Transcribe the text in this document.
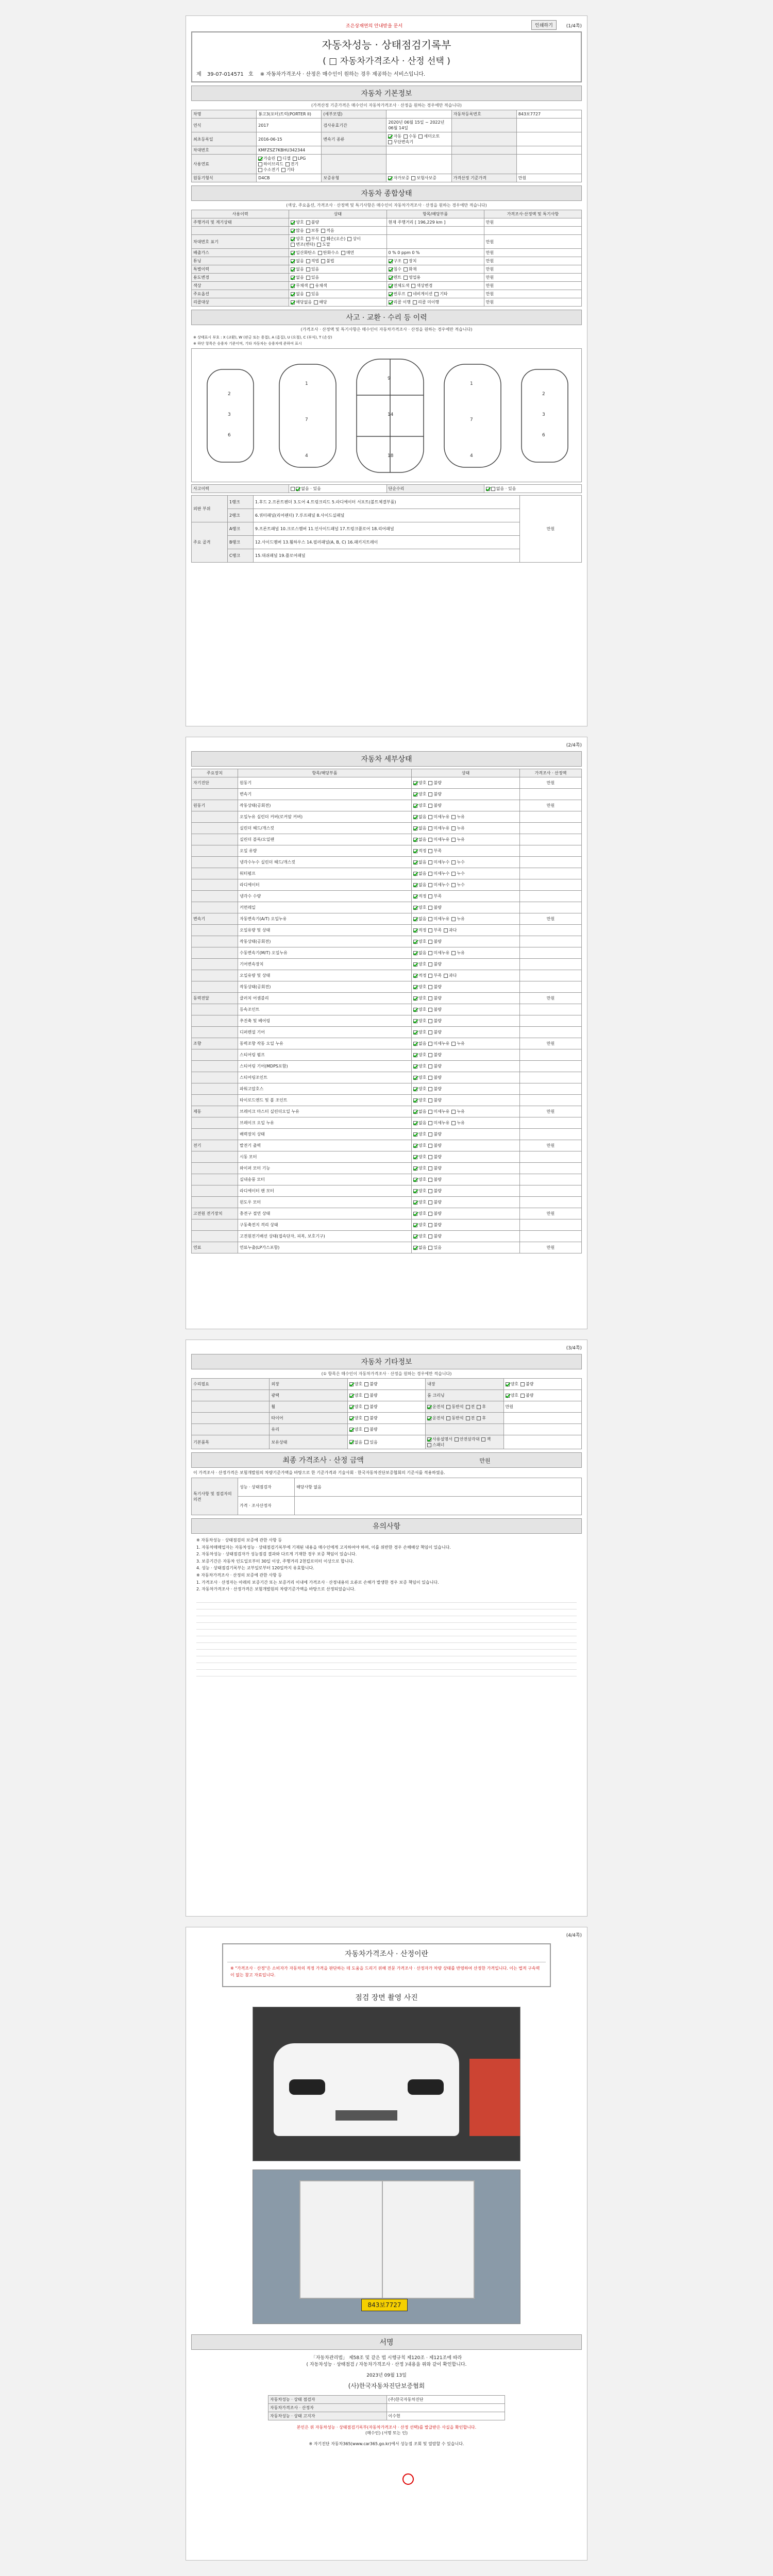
조은상재연의 안내받을 문서	인쇄하기	(1/4쪽)
자동차성능 · 상태점검기록부
( □ 자동차가격조사 · 산정 선택 )
제 39-07-014571 호 ※ 자동차가격조사 · 산정은 매수인이 원하는 경우 제공하는 서비스입니다.
자동차 기본정보
(가격산정 기준가격은 매수인이 자동차가격조사 · 산정을 원하는 경우에만 적습니다)
차명	봉고3(포터)트럭(PORTER II)	(세부모델)		자동차등록번호	843보7727
연식	2017	검사유효기간	2020년 06월 15일 ~ 2022년 06월 14일		
최초등록일	2016-06-15	변속기 종류	자동 수동 세미오토무단변속기		
차대번호	KMFZSZ7KBHU342344				
사용연료	가솔린 디젤 LPG하이브리드 전기수소전기 기타				
원동기형식	D4CB	보증유형	자가보증 보험사보증	가격산정 기준가격	만원
자동차 종합상태
(색상, 주요옵션, 가격조사 · 산정액 및 특기사항은 매수인이 자동차가격조사 · 산정을 원하는 경우에만 적습니다)
사용이력	상태	항목/해당부품	가격조사·산정액 및 특기사항
주행거리 및 계기상태	양호 불량	현재 주행거리 [ 196,229 km ]	만원
	많음 보통 적음		
차대번호 표기	양호 부식 훼손(오손) 상이변조(변타) 도말		만원
배출가스	일산화탄소 탄화수소 매연	0 % 0 ppm 0 %	만원
튜닝	없음 적법 불법	구조 장치	만원
특별이력	없음 있음	침수 화재	만원
용도변경	없음 있음	렌트 영업용	만원
색상	무채색 유채색	전체도색 색상변경	만원
주요옵션	없음 있음	썬루프 네비게이션 기타	만원
리콜대상	해당없음 해당	리콜 이행 리콜 미이행	만원
사고 · 교환 · 수리 등 이력
(가격조사 · 산정액 및 특기사항은 매수인이 자동차가격조사 · 산정을 원하는 경우에만 적습니다)
※ 상태표시 부호 : X (교환), W (판금 또는 용접), A (흠집), U (요철), C (부식), T (손상)
※ 하단 항목은 승용차 기준이며, 기타 자동차는 승용차에 준하여 표시
2
3
6
1
7
4
9
14
18
1
7
4
2
3
6
사고이력	없음 · 있음	단순수리	없음 · 있음
외판 부위	1랭크	1.후드 2.프론트펜더 3.도어 4.트렁크리드 5.라디에이터 서포트(볼트체결부품)	만원
	2랭크	6.쿼터패널(리어펜더) 7.루프패널 8.사이드실패널	
주요 골격	A랭크	9.프론트패널 10.크로스멤버 11.인사이드패널 17.트렁크플로어 18.리어패널	
	B랭크	12.사이드멤버 13.휠하우스 14.필러패널(A, B, C) 16.패키지트레이	
	C랭크	15.대쉬패널 19.플로어패널	
(2/4쪽)
자동차 세부상태
주요장치	항목/해당부품	상태	가격조사 · 산정액
자기진단	원동기	양호 불량	만원
	변속기	양호 불량	
원동기	작동상태(공회전)	양호 불량	만원
	오일누유 실린더 커버(로커암 커버)	없음 미세누유 누유	
	실린더 헤드/개스킷	없음 미세누유 누유	
	실린더 블록/오일팬	없음 미세누유 누유	
	오일 유량	적정 부족	
	냉각수누수 실린더 헤드/개스킷	없음 미세누수 누수	
	워터펌프	없음 미세누수 누수	
	라디에이터	없음 미세누수 누수	
	냉각수 수량	적정 부족	
	커먼레일	양호 불량	
변속기	자동변속기(A/T) 오일누유	없음 미세누유 누유	만원
	오일유량 및 상태	적정 부족 과다	
	작동상태(공회전)	양호 불량	
	수동변속기(M/T) 오일누유	없음 미세누유 누유	
	기어변속장치	양호 불량	
	오일유량 및 상태	적정 부족 과다	
	작동상태(공회전)	양호 불량	
동력전달	클러치 어셈블리	양호 불량	만원
	등속조인트	양호 불량	
	추진축 및 베어링	양호 불량	
	디퍼렌셜 기어	양호 불량	
조향	동력조향 작동 오일 누유	없음 미세누유 누유	만원
	스티어링 펌프	양호 불량	
	스티어링 기어(MDPS포함)	양호 불량	
	스티어링조인트	양호 불량	
	파워고압호스	양호 불량	
	타이로드엔드 및 볼 조인트	양호 불량	
제동	브레이크 마스터 실린더오일 누유	없음 미세누유 누유	만원
	브레이크 오일 누유	없음 미세누유 누유	
	배력장치 상태	양호 불량	
전기	발전기 출력	양호 불량	만원
	시동 모터	양호 불량	
	와이퍼 모터 기능	양호 불량	
	실내송풍 모터	양호 불량	
	라디에이터 팬 모터	양호 불량	
	윈도우 모터	양호 불량	
고전원 전기장치	충전구 절연 상태	양호 불량	만원
	구동축전지 격리 상태	양호 불량	
	고전원전기배선 상태(접속단자, 피복, 보호기구)	양호 불량	
연료	연료누출(LP가스포함)	없음 있음	만원
(3/4쪽)
자동차 기타정보
(① 항목은 매수인이 자동차가격조사 · 산정을 원하는 경우에만 적습니다)
수리필요	외장	양호 불량	내장	양호 불량
	광택	양호 불량	룸 크리닝	양호 불량
	휠	양호 불량	운전석 동반석 전 후	만원
	타이어	양호 불량	운전석 동반석 전 후	
	유리	양호 불량		
기본품목	보유상태	없음 있음	사용설명서 안전삼각대 잭스패너	
최종 가격조사 · 산정 금액	만원
이 가격조사 · 산정가격은 보험개발원의 차량기준가액을 바탕으로 한 기준가격과 기술사회 · 한국자동차진단보증협회의 기준서를 적용하였음.
특기사항 및 점검자의 의견	성능 · 상태점검자	해당사항 없음
	가격 · 조사산정자	
유의사항
※ 자동차성능 · 상태점검의 보증에 관한 사항 등
1. 자동차매매업자는 자동차성능 · 상태점검기록부에 기재된 내용을 매수인에게 고지하여야 하며, 이를 위반한 경우 손해배상 책임이 있습니다.
2. 자동차성능 · 상태점검자가 성능점검 결과와 다르게 기재한 경우 보증 책임이 있습니다.
3. 보증기간은 자동차 인도일로부터 30일 이상, 주행거리 2천킬로미터 이상으로 합니다.
4. 성능 · 상태점검기록부는 교부일로부터 120일까지 유효합니다.
※ 자동차가격조사 · 산정의 보증에 관한 사항 등
1. 가격조사 · 산정자는 아래의 보증기간 또는 보증거리 이내에 가격조사 · 산정내용의 오류로 손해가 발생한 경우 보증 책임이 있습니다.
2. 자동차가격조사 · 산정가격은 보험개발원의 차량기준가액을 바탕으로 산정되었습니다.
(4/4쪽)
자동차가격조사 · 산정이란
※ "가격조사 · 산정"은 소비자가 자동차의 적정 가격을 판단하는 데 도움을 드리기 위해 전문 가격조사 · 산정자가 차량 상태를 반영하여 산정한 가격입니다. 이는 법적 구속력이 없는 참고 자료입니다.
점검 장면 촬영 사진
843보7727
서명
「자동차관리법」 제58조 및 같은 법 시행규칙 제120조 · 제121조에 따라
( 자동차성능 · 상태점검 / 자동차가격조사 · 산정 )내용을 위와 같이 확인합니다.
2023년 09월 13일
(사)한국자동차진단보증협회
자동차성능 · 상태 점검자	(주)한국자동차진단
자동차가격조사 · 산정자	
자동차성능 · 상태 고지자	이수현
본인은 위 자동차성능 · 상태점검기록부(자동차가격조사 · 산정 선택)를 발급받은 사실을 확인합니다.
(매수인) (서명 또는 인)
※ 자기진단 자동차365(www.car365.go.kr)에서 성능점 조회 및 열람할 수 있습니다.
